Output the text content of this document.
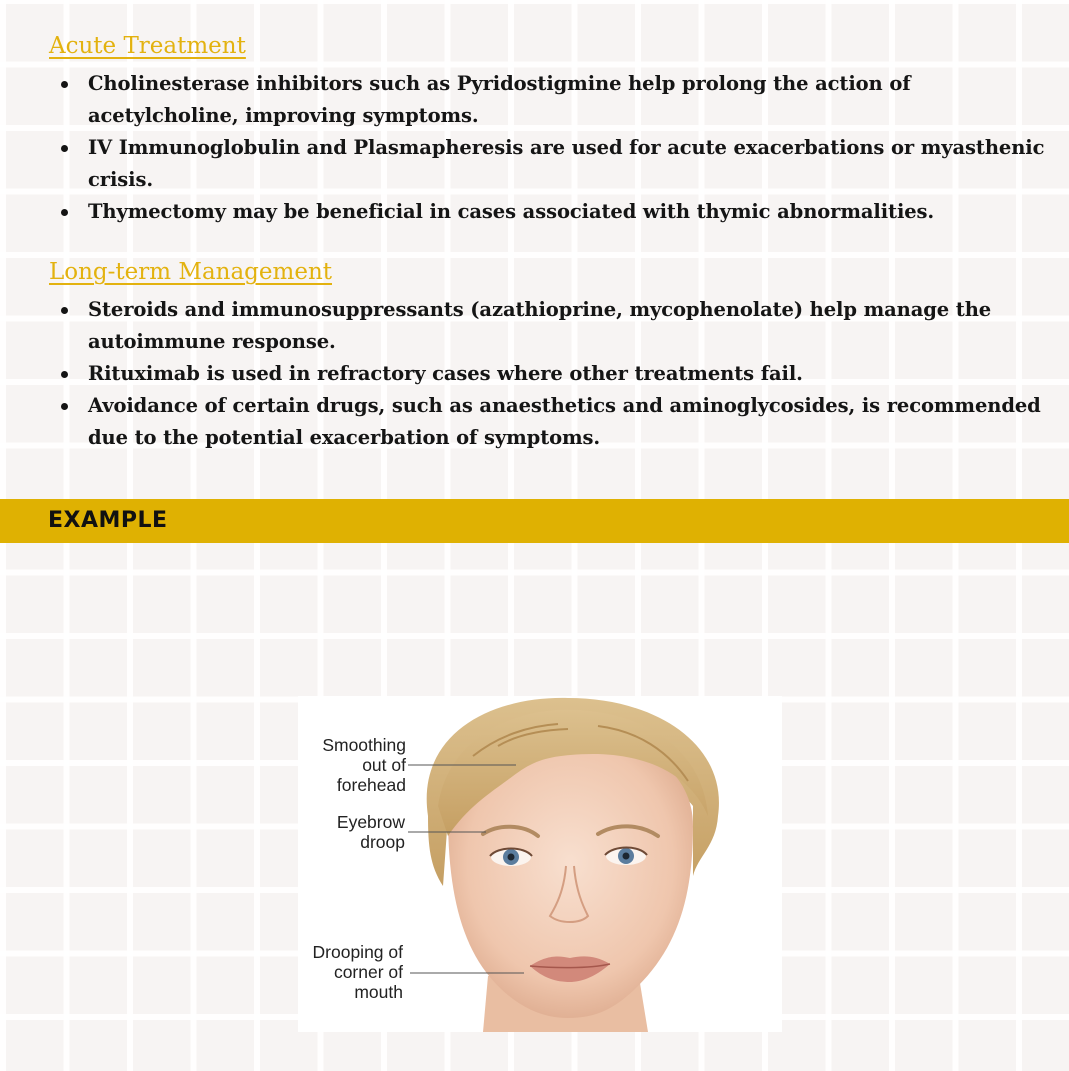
Acute Treatment
Cholinesterase inhibitors such as Pyridostigmine help prolong the action of acetylcholine, improving symptoms.
IV Immunoglobulin and Plasmapheresis are used for acute exacerbations or myasthenic crisis.
Thymectomy may be beneficial in cases associated with thymic abnormalities.
Long-term Management
Steroids and immunosuppressants (azathioprine, mycophenolate) help manage the autoimmune response.
Rituximab is used in refractory cases where other treatments fail.
Avoidance of certain drugs, such as anaesthetics and aminoglycosides, is recommended due to the potential exacerbation of symptoms.
EXAMPLE
Smoothing
out of
forehead
Eyebrow
droop
Drooping of
corner of
mouth
